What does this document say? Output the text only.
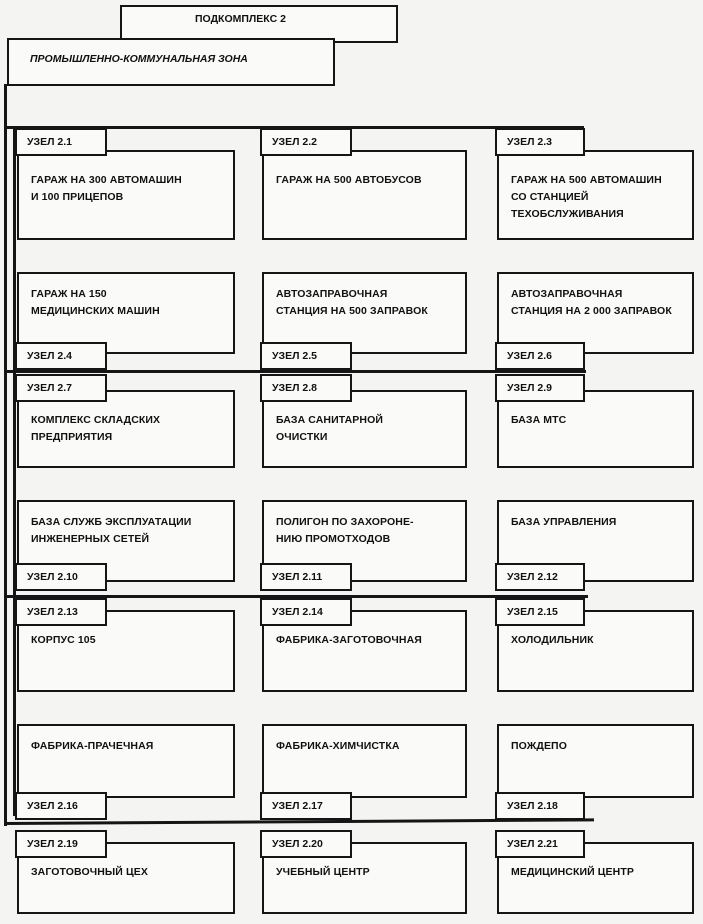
ПОДКОМПЛЕКС 2
ПРОМЫШЛЕННО-КОММУНАЛЬНАЯ ЗОНА
ГАРАЖ НА 300 АВТОМАШИН
И 100 ПРИЦЕПОВ
УЗЕЛ 2.1
ГАРАЖ НА 500 АВТОБУСОВ
УЗЕЛ 2.2
ГАРАЖ НА 500 АВТОМАШИН
СО СТАНЦИЕЙ
ТЕХОБСЛУЖИВАНИЯ
УЗЕЛ 2.3
ГАРАЖ НА 150
МЕДИЦИНСКИХ МАШИН
УЗЕЛ 2.4
АВТОЗАПРАВОЧНАЯ
СТАНЦИЯ НА 500 ЗАПРАВОК
УЗЕЛ 2.5
АВТОЗАПРАВОЧНАЯ
СТАНЦИЯ НА 2 000 ЗАПРАВОК
УЗЕЛ 2.6
КОМПЛЕКС СКЛАДСКИХ
ПРЕДПРИЯТИЯ
УЗЕЛ 2.7
БАЗА САНИТАРНОЙ
ОЧИСТКИ
УЗЕЛ 2.8
БАЗА МТС
УЗЕЛ 2.9
БАЗА СЛУЖБ ЭКСПЛУАТАЦИИ
ИНЖЕНЕРНЫХ СЕТЕЙ
УЗЕЛ 2.10
ПОЛИГОН ПО ЗАХОРОНЕ-
НИЮ ПРОМОТХОДОВ
УЗЕЛ 2.11
БАЗА УПРАВЛЕНИЯ
УЗЕЛ 2.12
КОРПУС 105
УЗЕЛ 2.13
ФАБРИКА-ЗАГОТОВОЧНАЯ
УЗЕЛ 2.14
ХОЛОДИЛЬНИК
УЗЕЛ 2.15
ФАБРИКА-ПРАЧЕЧНАЯ
УЗЕЛ 2.16
ФАБРИКА-ХИМЧИСТКА
УЗЕЛ 2.17
ПОЖДЕПО
УЗЕЛ 2.18
ЗАГОТОВОЧНЫЙ ЦЕХ
УЗЕЛ 2.19
УЧЕБНЫЙ ЦЕНТР
УЗЕЛ 2.20
МЕДИЦИНСКИЙ ЦЕНТР
УЗЕЛ 2.21
